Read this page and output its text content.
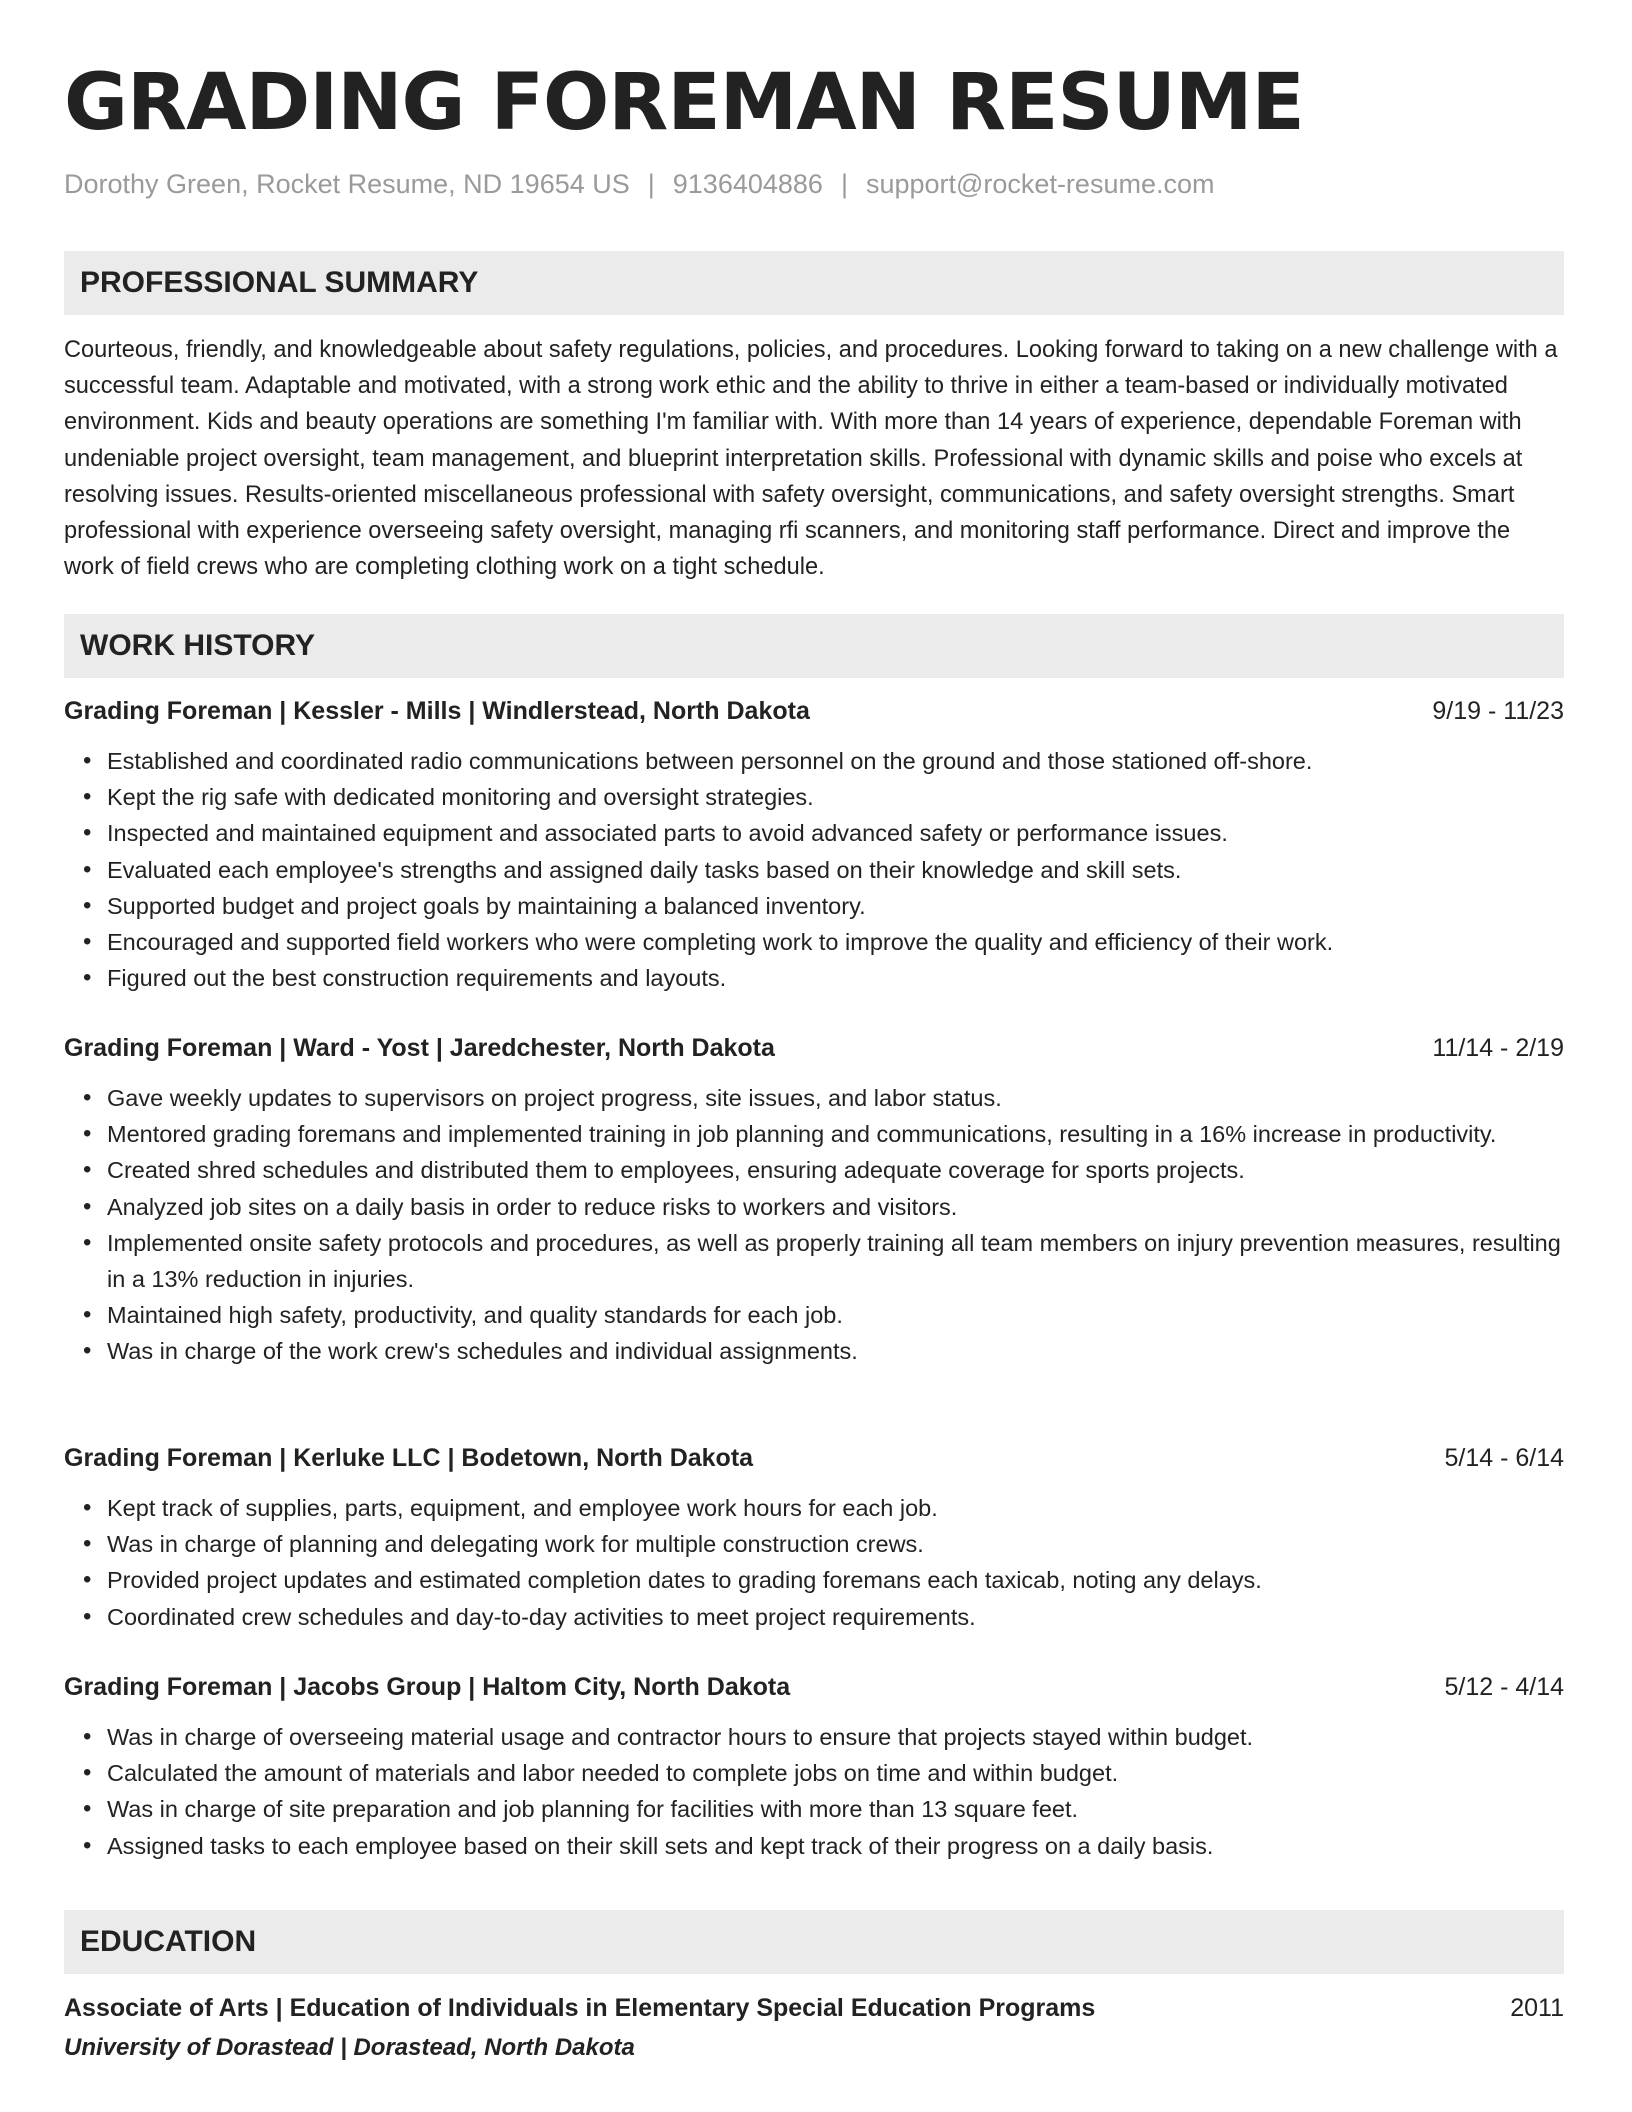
GRADING FOREMAN RESUME
Dorothy Green, Rocket Resume, ND 19654 US | 9136404886 | support@rocket-resume.com
PROFESSIONAL SUMMARY

Courteous, friendly, and knowledgeable about safety regulations, policies, and procedures. Looking forward to taking on a new challenge with a successful team. Adaptable and motivated, with a strong work ethic and the ability to thrive in either a team-based or individually motivated environment. Kids and beauty operations are something I'm familiar with. With more than 14 years of experience, dependable Foreman with undeniable project oversight, team management, and blueprint interpretation skills. Professional with dynamic skills and poise who excels at resolving issues. Results-oriented miscellaneous professional with safety oversight, communications, and safety oversight strengths. Smart professional with experience overseeing safety oversight, managing rfi scanners, and monitoring staff performance. Direct and improve the work of field crews who are completing clothing work on a tight schedule.

WORK HISTORY
Grading Foreman | Kessler - Mills | Windlerstead, North Dakota	9/19 - 11/23
• Established and coordinated radio communications between personnel on the ground and those stationed off-shore.
• Kept the rig safe with dedicated monitoring and oversight strategies.
• Inspected and maintained equipment and associated parts to avoid advanced safety or performance issues.
• Evaluated each employee's strengths and assigned daily tasks based on their knowledge and skill sets.
• Supported budget and project goals by maintaining a balanced inventory.
• Encouraged and supported field workers who were completing work to improve the quality and efficiency of their work.
• Figured out the best construction requirements and layouts.
Grading Foreman | Ward - Yost | Jaredchester, North Dakota	11/14 - 2/19
• Gave weekly updates to supervisors on project progress, site issues, and labor status.
• Mentored grading foremans and implemented training in job planning and communications, resulting in a 16% increase in productivity.
• Created shred schedules and distributed them to employees, ensuring adequate coverage for sports projects.
• Analyzed job sites on a daily basis in order to reduce risks to workers and visitors.
• Implemented onsite safety protocols and procedures, as well as properly training all team members on injury prevention measures, resulting in a 13% reduction in injuries.
• Maintained high safety, productivity, and quality standards for each job.
• Was in charge of the work crew's schedules and individual assignments.
Grading Foreman | Kerluke LLC | Bodetown, North Dakota	5/14 - 6/14
• Kept track of supplies, parts, equipment, and employee work hours for each job.
• Was in charge of planning and delegating work for multiple construction crews.
• Provided project updates and estimated completion dates to grading foremans each taxicab, noting any delays.
• Coordinated crew schedules and day-to-day activities to meet project requirements.
Grading Foreman | Jacobs Group | Haltom City, North Dakota	5/12 - 4/14
• Was in charge of overseeing material usage and contractor hours to ensure that projects stayed within budget.
• Calculated the amount of materials and labor needed to complete jobs on time and within budget.
• Was in charge of site preparation and job planning for facilities with more than 13 square feet.
• Assigned tasks to each employee based on their skill sets and kept track of their progress on a daily basis.
EDUCATION
Associate of Arts | Education of Individuals in Elementary Special Education Programs	2011
University of Dorastead | Dorastead, North Dakota
